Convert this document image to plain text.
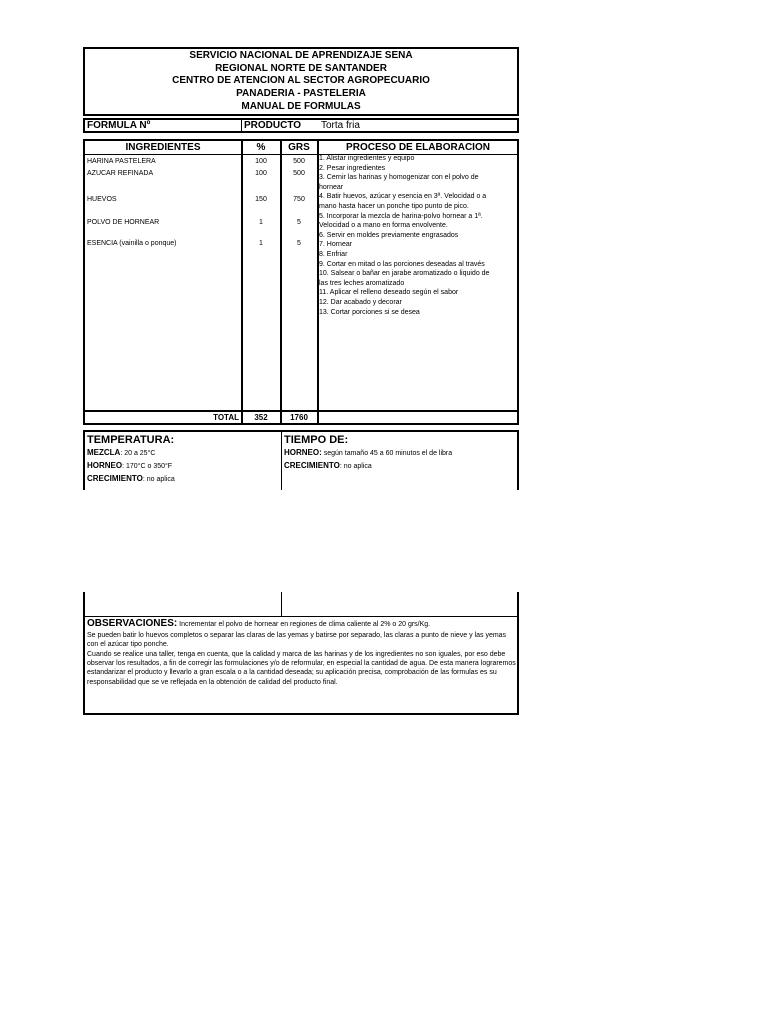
SERVICIO NACIONAL DE APRENDIZAJE SENA
REGIONAL NORTE DE SANTANDER
CENTRO DE ATENCION AL SECTOR AGROPECUARIO
PANADERIA - PASTELERIA
MANUAL DE FORMULAS
FORMULA Nº	PRODUCTO Torta fria
INGREDIENTES	%	GRS	PROCESO DE ELABORACION
HARINA PASTELERA	100	500
AZUCAR REFINADA	100	500
HUEVOS	150	750
POLVO DE HORNEAR	1	5
ESENCIA (vainilla o ponque)	1	5
1. Alistar ingredientes y equipo
2. Pesar ingredientes
3. Cernir las harinas y homogenizar con el polvo de
hornear
4. Batir huevos, azúcar y esencia en 3ª. Velocidad o a
mano hasta hacer un ponche tipo punto de pico.
5. Incorporar la mezcla de harina-polvo hornear a 1ª.
Velocidad o a mano en forma envolvente.
6. Servir en moldes previamente engrasados
7. Hornear
8. Enfriar
9. Cortar en mitad o las porciones deseadas al través
10. Salsear o bañar en jarabe aromatizado o liquido de
las tres leches aromatizado
11. Aplicar el relleno deseado según el sabor
12. Dar acabado y decorar
13. Cortar porciones si se desea
TOTAL	352	1760
TEMPERATURA:
MEZCLA: 20 a 25°C
HORNEO: 170°C o 350°F
CRECIMIENTO: no aplica
TIEMPO DE:
HORNEO: según tamaño 45 a 60 minutos el de libra
CRECIMIENTO: no aplica
OBSERVACIONES: Incrementar el polvo de hornear en regiones de clima caliente al 2% o 20 grs/Kg.
Se pueden batir lo huevos completos o separar las claras de las yemas y batirse por separado, las claras a punto de nieve y las yemas con el azúcar tipo ponche.
Cuando se realice una taller, tenga en cuenta, que la calidad y marca de las harinas y de los ingredientes no son iguales, por eso debe observar los resultados, a fin de corregir las formulaciones y/o de reformular, en especial la cantidad de agua. De esta manera lograremos estandarizar el producto y llevarlo a gran escala o a la cantidad deseada; su aplicación precisa, comprobación de las formulas es su responsabilidad que se ve reflejada en la obtención de calidad del producto final.
